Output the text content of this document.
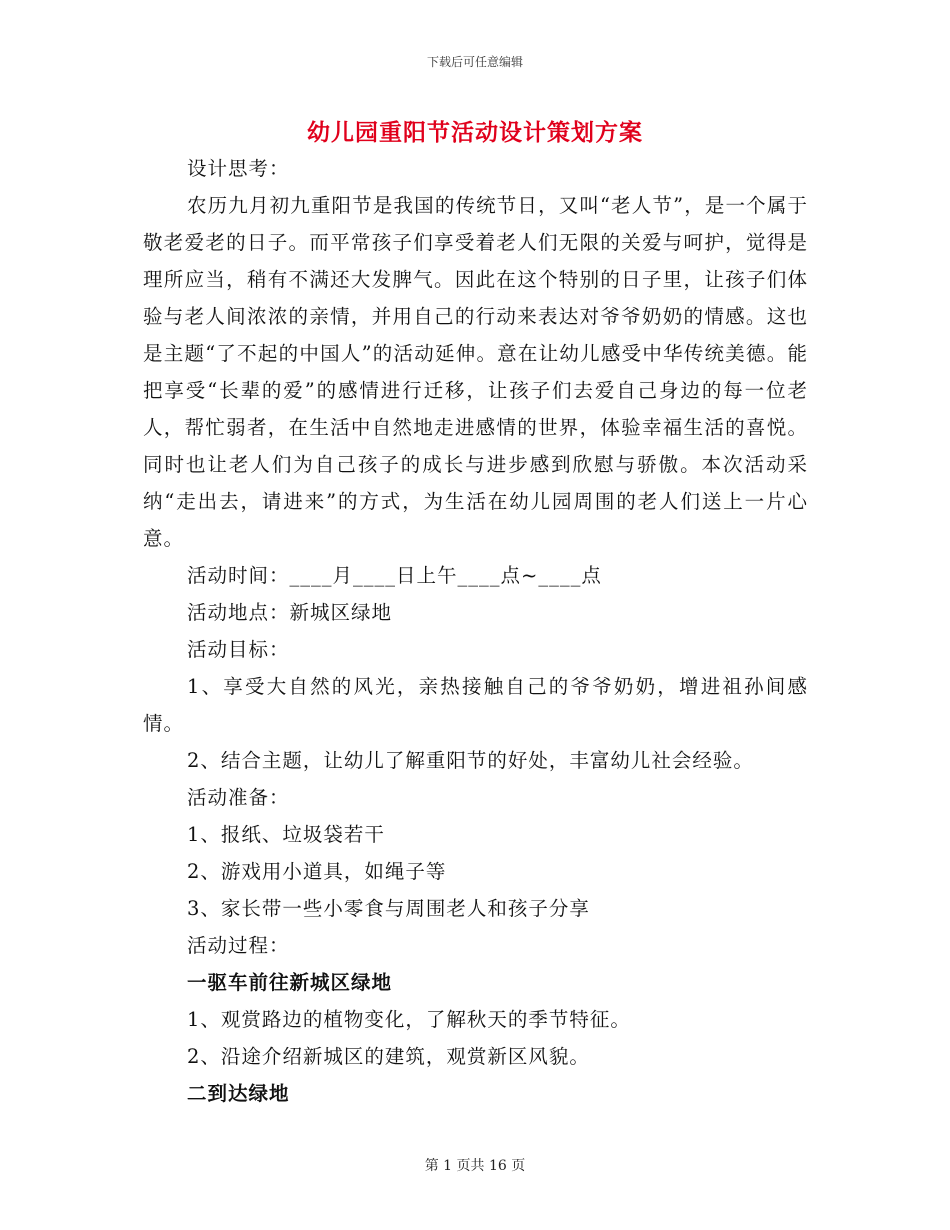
下载后可任意编辑
幼儿园重阳节活动设计策划方案

设计思考：

农历九月初九重阳节是我国的传统节日，又叫“老人节”，是一个属于敬老爱老的日子。而平常孩子们享受着老人们无限的关爱与呵护，觉得是理所应当，稍有不满还大发脾气。因此在这个特别的日子里，让孩子们体验与老人间浓浓的亲情，并用自己的行动来表达对爷爷奶奶的情感。这也是主题“了不起的中国人”的活动延伸。意在让幼儿感受中华传统美德。能把享受“长辈的爱”的感情进行迁移，让孩子们去爱自己身边的每一位老人，帮忙弱者，在生活中自然地走进感情的世界，体验幸福生活的喜悦。同时也让老人们为自己孩子的成长与进步感到欣慰与骄傲。本次活动采纳“走出去，请进来”的方式，为生活在幼儿园周围的老人们送上一片心意。

活动时间：____月____日上午____点~____点

活动地点：新城区绿地

活动目标：

1、享受大自然的风光，亲热接触自己的爷爷奶奶，增进祖孙间感情。

2、结合主题，让幼儿了解重阳节的好处，丰富幼儿社会经验。

活动准备：

1、报纸、垃圾袋若干

2、游戏用小道具，如绳子等

3、家长带一些小零食与周围老人和孩子分享

活动过程：

一驱车前往新城区绿地

1、观赏路边的植物变化，了解秋天的季节特征。

2、沿途介绍新城区的建筑，观赏新区风貌。

二到达绿地

第 1 页共 16 页
